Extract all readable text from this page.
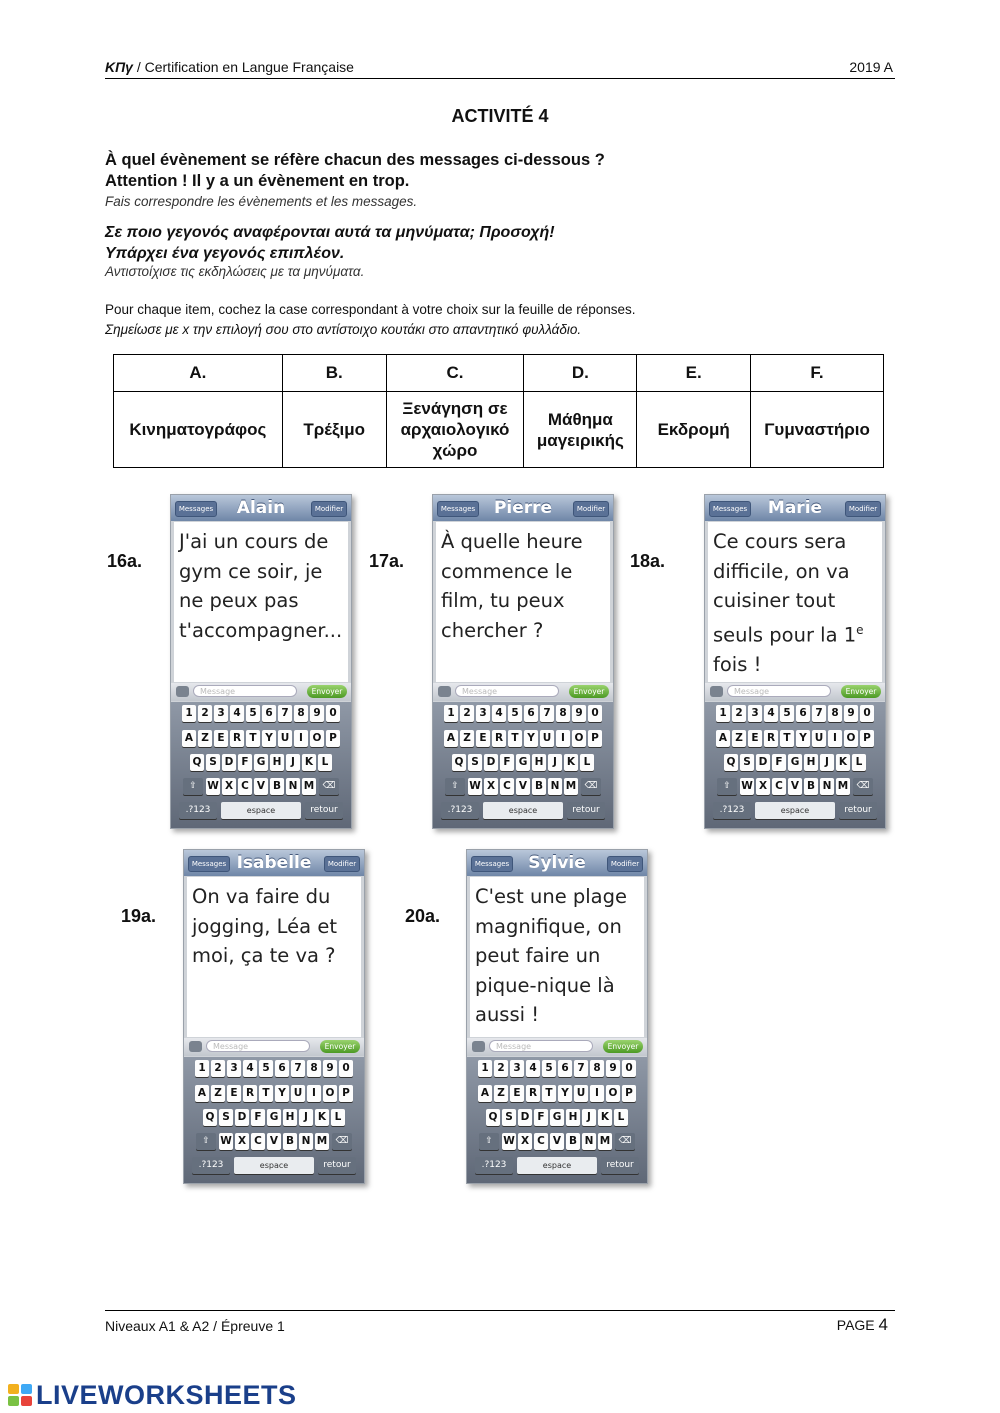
ΚΠγ / Certification en Langue Française	2019 A
ACTIVITÉ 4
À quel évènement se réfère chacun des messages ci-dessous ?
Attention ! Il y a un évènement en trop.
Fais correspondre les évènements et les messages.
Σε ποιο γεγονός αναφέρονται αυτά τα μηνύματα; Προσοχή!
Υπάρχει ένα γεγονός επιπλέον.
Αντιστοίχισε τις εκδηλώσεις με τα μηνύματα.
Pour chaque item, cochez la case correspondant à votre choix sur la feuille de réponses.
Σημείωσε με x την επιλογή σου στο αντίστοιχο κουτάκι στο απαντητικό φυλλάδιο.
A.	B.	C.	D.	E.	F.
Κινηματογράφος	Τρέξιμο	Ξενάγηση σε αρχαιολογικό χώρο	Μάθημα μαγειρικής	Εκδρομή	Γυμναστήριο
16a.	17a.	18a.
19a.	20a.
Messages	Alain	Modifier
J'ai un cours de gym ce soir, je ne peux pas t'accompagner...
Message	Envoyer
1 2 3 4 5 6 7 8 9 0
A Z E R T Y U I O P
Q S D F G H J K L
⇧ W X C V B N M ⌫
.?123	espace	retour
Messages	Pierre	Modifier
À quelle heure commence le film, tu peux chercher ?
Message	Envoyer
1 2 3 4 5 6 7 8 9 0
A Z E R T Y U I O P
Q S D F G H J K L
⇧ W X C V B N M ⌫
.?123	espace	retour
Messages	Marie	Modifier
Ce cours sera difficile, on va cuisiner tout seuls pour la 1e fois !
Message	Envoyer
1 2 3 4 5 6 7 8 9 0
A Z E R T Y U I O P
Q S D F G H J K L
⇧ W X C V B N M ⌫
.?123	espace	retour
Messages Isabelle	Modifier
On va faire du jogging, Léa et moi, ça te va ?
Message	Envoyer
1 2 3 4 5 6 7 8 9 0
A Z E R T Y U I O P
Q S D F G H J K L
⇧ W X C V B N M ⌫
.?123	espace	retour
Messages	Sylvie	Modifier
C'est une plage magnifique, on peut faire un pique-nique là aussi !
Message	Envoyer
1 2 3 4 5 6 7 8 9 0
A Z E R T Y U I O P
Q S D F G H J K L
⇧ W X C V B N M ⌫
.?123	espace	retour
Niveaux A1 & A2 / Épreuve 1	PAGE 4
LIVEWORKSHEETS
